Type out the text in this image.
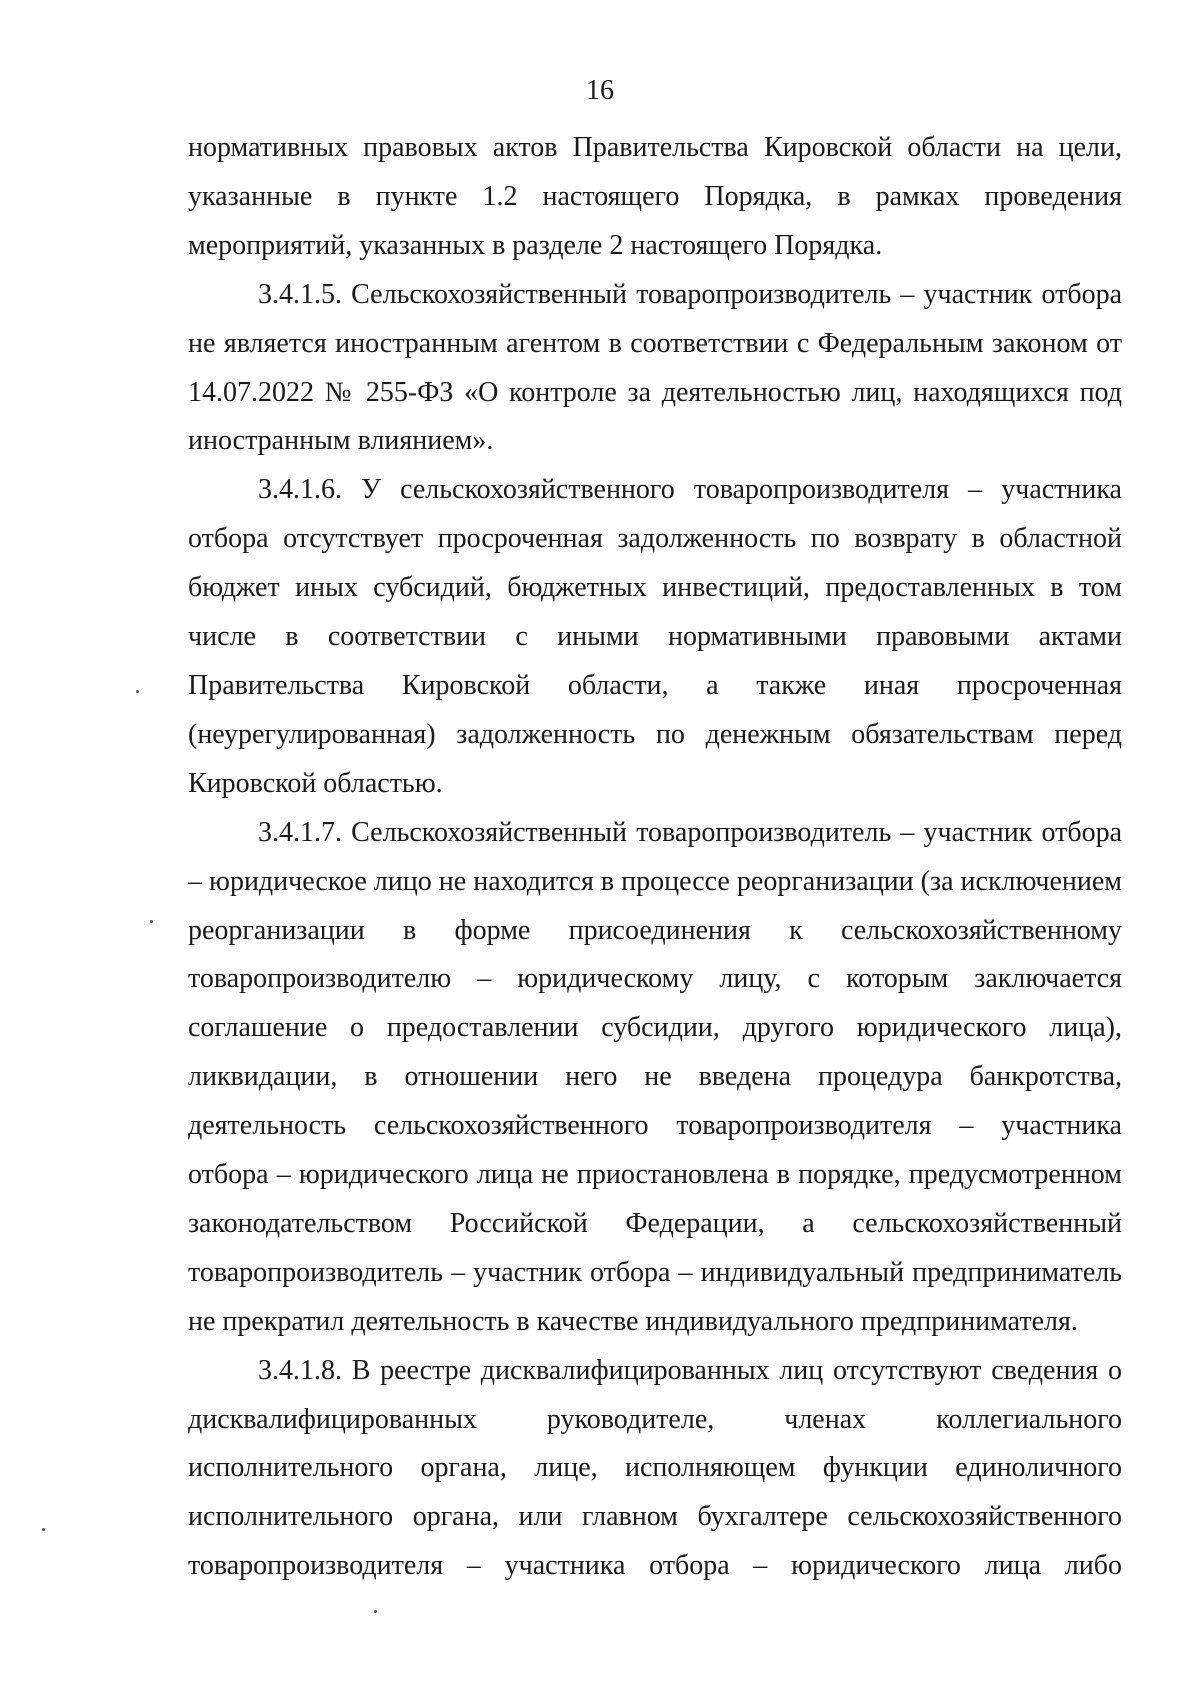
16

нормативных правовых актов Правительства Кировской области на цели, указанные в пункте 1.2 настоящего Порядка, в рамках проведения мероприятий, указанных в разделе 2 настоящего Порядка.

3.4.1.5. Сельскохозяйственный товаропроизводитель – участник отбора не является иностранным агентом в соответствии с Федеральным законом от 14.07.2022 № 255-ФЗ «О контроле за деятельностью лиц, находящихся под иностранным влиянием».

3.4.1.6. У сельскохозяйственного товаропроизводителя – участника отбора отсутствует просроченная задолженность по возврату в областной бюджет иных субсидий, бюджетных инвестиций, предоставленных в том числе в соответствии с иными нормативными правовыми актами Правительства Кировской области, а также иная просроченная (неурегулированная) задолженность по денежным обязательствам перед Кировской областью.

3.4.1.7. Сельскохозяйственный товаропроизводитель – участник отбора – юридическое лицо не находится в процессе реорганизации (за исключением реорганизации в форме присоединения к сельскохозяйственному товаропроизводителю – юридическому лицу, с которым заключается соглашение о предоставлении субсидии, другого юридического лица), ликвидации, в отношении него не введена процедура банкротства, деятельность сельскохозяйственного товаропроизводителя – участника отбора – юридического лица не приостановлена в порядке, предусмотренном законодательством Российской Федерации, а сельскохозяйственный товаропроизводитель – участник отбора – индивидуальный предприниматель не прекратил деятельность в качестве индивидуального предпринимателя.

3.4.1.8. В реестре дисквалифицированных лиц отсутствуют сведения о дисквалифицированных руководителе, членах коллегиального исполнительного органа, лице, исполняющем функции единоличного исполнительного органа, или главном бухгалтере сельскохозяйственного товаропроизводителя – участника отбора – юридического лица либо
